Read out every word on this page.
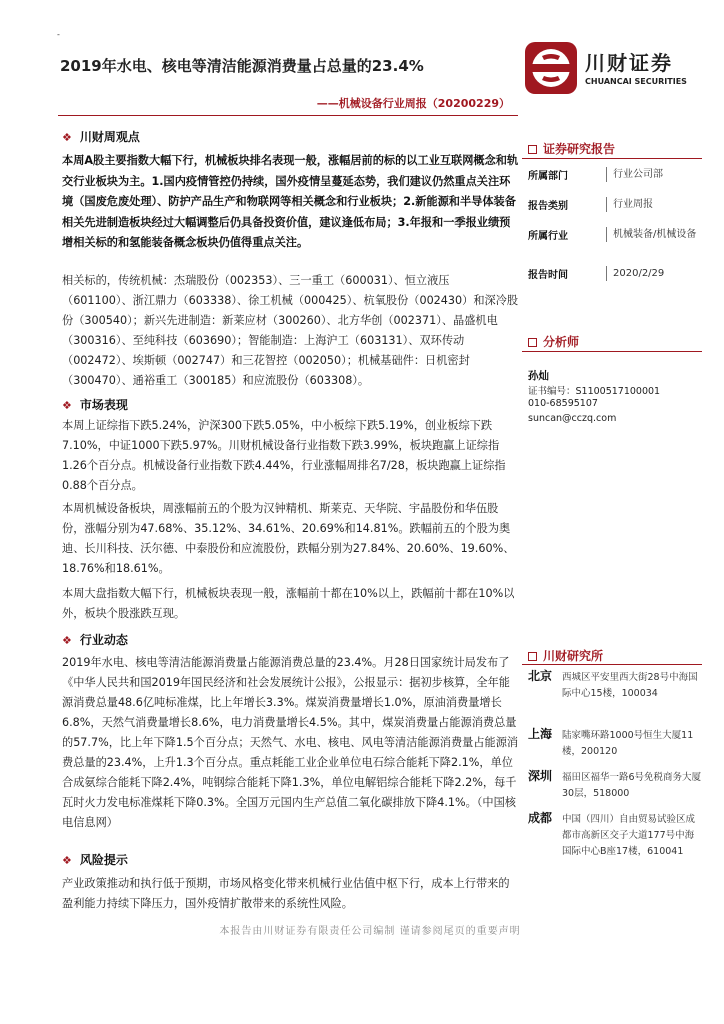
-
2019年水电、核电等清洁能源消费量占总量的23.4%
——机械设备行业周报（20200229）
川财证券
CHUANCAI SECURITIES
❖ 川财周观点
本周A股主要指数大幅下行，机械板块排名表现一般，涨幅居前的标的以工业互联网概念和轨交行业板块为主。1.国内疫情管控仍持续，国外疫情呈蔓延态势，我们建议仍然重点关注环境（国废危废处理）、防护产品生产和物联网等相关概念和行业板块；2.新能源和半导体装备相关先进制造板块经过大幅调整后仍具备投资价值，建议逢低布局；3.年报和一季报业绩预增相关标的和氢能装备概念板块仍值得重点关注。
相关标的，传统机械：杰瑞股份（002353）、三一重工（600031）、恒立液压（601100）、浙江鼎力（603338）、徐工机械（000425）、杭氧股份（002430）和深冷股份（300540）；新兴先进制造：新莱应材（300260）、北方华创（002371）、晶盛机电（300316）、至纯科技（603690）；智能制造：上海沪工（603131）、双环传动（002472）、埃斯顿（002747）和三花智控（002050）；机械基础件：日机密封（300470）、通裕重工（300185）和应流股份（603308）。
❖ 市场表现
本周上证综指下跌5.24%，沪深300下跌5.05%，中小板综下跌5.19%，创业板综下跌7.10%，中证1000下跌5.97%。川财机械设备行业指数下跌3.99%，板块跑赢上证综指1.26个百分点。机械设备行业指数下跌4.44%，行业涨幅周排名7/28，板块跑赢上证综指0.88个百分点。
本周机械设备板块，周涨幅前五的个股为汉钟精机、斯莱克、天华院、宇晶股份和华伍股份，涨幅分别为47.68%、35.12%、34.61%、20.69%和14.81%。跌幅前五的个股为奥迪、长川科技、沃尔德、中泰股份和应流股份，跌幅分别为27.84%、20.60%、19.60%、18.76%和18.61%。
本周大盘指数大幅下行，机械板块表现一般，涨幅前十都在10%以上，跌幅前十都在10%以外，板块个股涨跌互现。
❖ 行业动态
2019年水电、核电等清洁能源消费量占能源消费总量的23.4%。月28日国家统计局发布了《中华人民共和国2019年国民经济和社会发展统计公报》，公报显示：据初步核算，全年能源消费总量48.6亿吨标准煤，比上年增长3.3%。煤炭消费量增长1.0%，原油消费量增长6.8%，天然气消费量增长8.6%，电力消费量增长4.5%。其中，煤炭消费量占能源消费总量的57.7%，比上年下降1.5个百分点；天然气、水电、核电、风电等清洁能源消费量占能源消费总量的23.4%，上升1.3个百分点。重点耗能工业企业单位电石综合能耗下降2.1%，单位合成氨综合能耗下降2.4%，吨钢综合能耗下降1.3%，单位电解铝综合能耗下降2.2%，每千瓦时火力发电标准煤耗下降0.3%。全国万元国内生产总值二氧化碳排放下降4.1%。（中国核电信息网）
❖ 风险提示
产业政策推动和执行低于预期，市场风格变化带来机械行业估值中枢下行，成本上行带来的盈利能力持续下降压力，国外疫情扩散带来的系统性风险。
证券研究报告
所属部门	行业公司部
报告类别	行业周报
所属行业	机械装备/机械设备
报告时间	2020/2/29
分析师
孙灿
证书编号：S1100517100001
010-68595107
suncan@cczq.com
川财研究所
北京 西城区平安里西大街28号中海国际中心15楼，100034
上海 陆家嘴环路1000号恒生大厦11楼，200120
深圳 福田区福华一路6号免税商务大厦30层，518000
成都 中国（四川）自由贸易试验区成都市高新区交子大道177号中海国际中心B座17楼，610041
本报告由川财证券有限责任公司编制 谨请参阅尾页的重要声明
